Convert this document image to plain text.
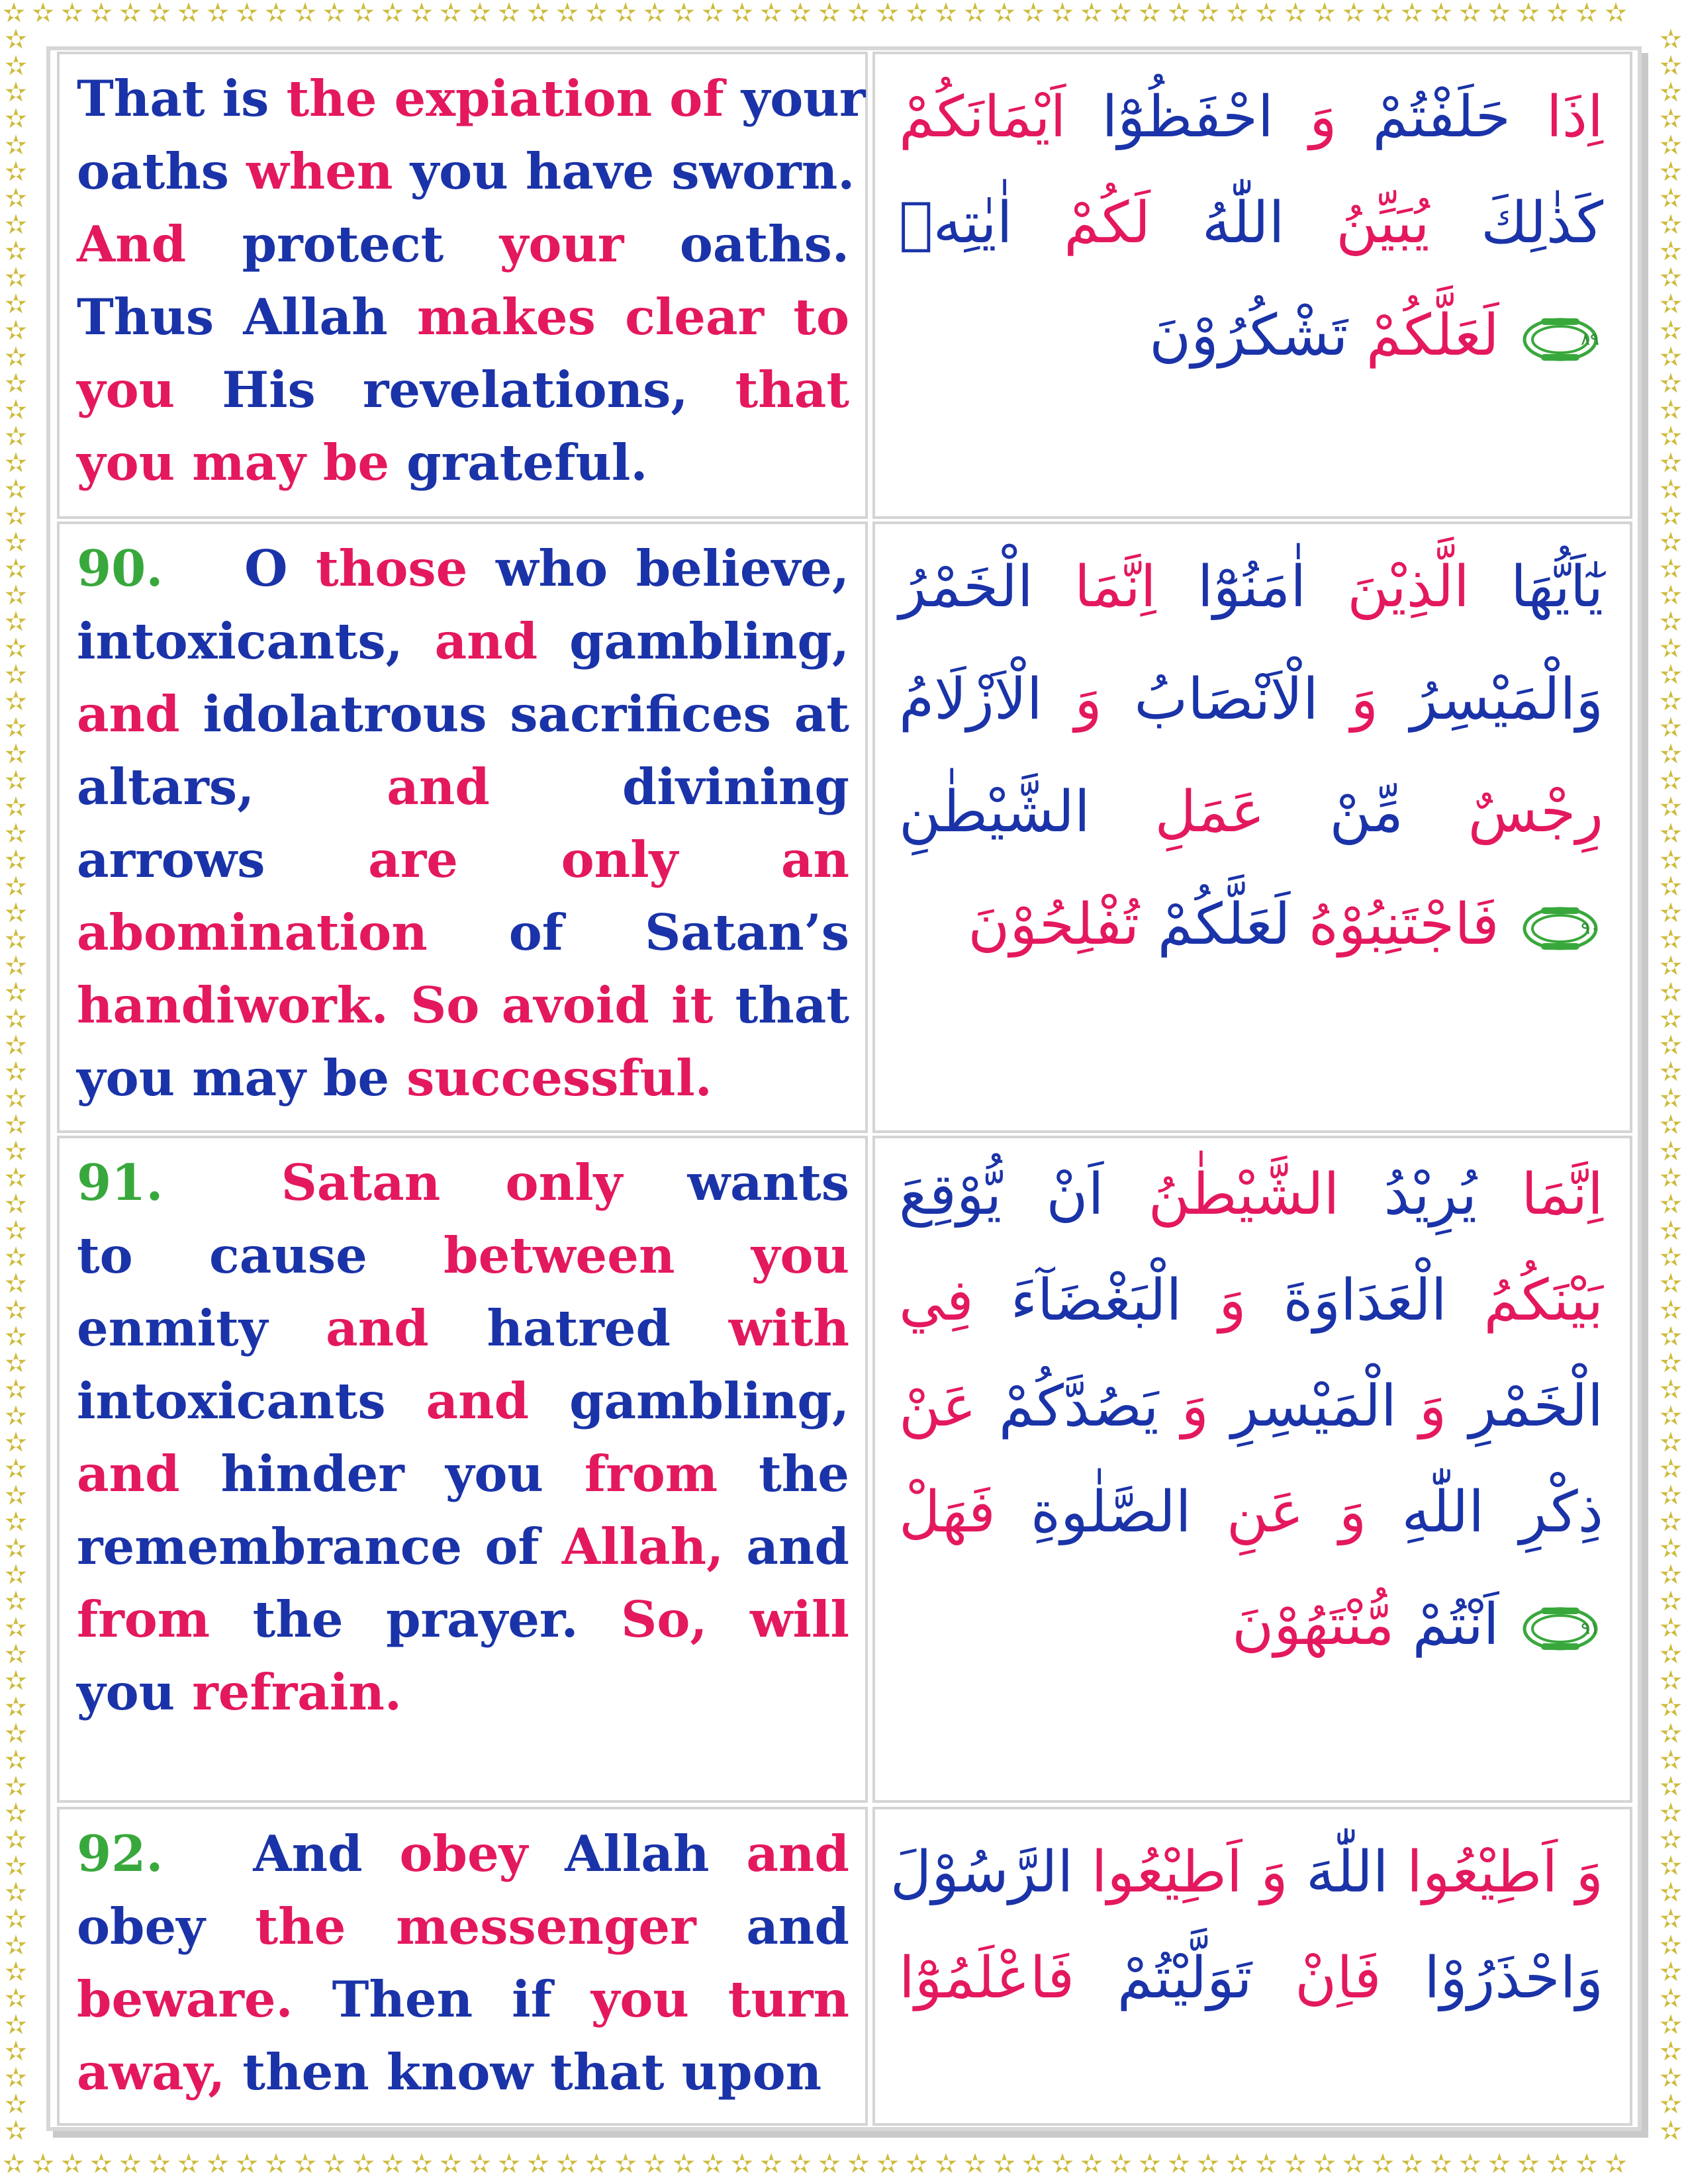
✫ ✫ ✫ ✫ ✫ ✫ ✫ ✫ ✫ ✫ ✫ ✫ ✫ ✫ ✫ ✫ ✫ ✫ ✫ ✫ ✫ ✫ ✫ ✫ ✫ ✫ ✫ ✫ ✫ ✫ ✫ ✫ ✫ ✫ ✫ ✫ ✫ ✫ ✫ ✫ ✫ ✫ ✫ ✫ ✫ ✫ ✫ ✫ ✫ ✫ ✫ ✫ ✫ ✫ ✫ ✫
✫ ✫ ✫ ✫ ✫ ✫ ✫ ✫ ✫ ✫ ✫ ✫ ✫ ✫ ✫ ✫ ✫ ✫ ✫ ✫ ✫ ✫ ✫ ✫ ✫ ✫ ✫ ✫ ✫ ✫ ✫ ✫ ✫ ✫ ✫ ✫ ✫ ✫ ✫ ✫ ✫ ✫ ✫ ✫ ✫ ✫ ✫ ✫ ✫ ✫ ✫ ✫ ✫ ✫ ✫ ✫
✫✫✫✫✫✫✫✫✫✫✫✫✫✫✫✫✫✫✫✫✫✫✫✫✫✫✫✫✫✫✫✫✫✫✫✫✫✫✫✫✫✫✫✫✫✫✫✫✫✫✫✫✫✫✫✫✫✫✫✫✫✫✫✫✫✫✫✫✫✫✫✫✫✫✫✫✫✫✫✫
✫✫✫✫✫✫✫✫✫✫✫✫✫✫✫✫✫✫✫✫✫✫✫✫✫✫✫✫✫✫✫✫✫✫✫✫✫✫✫✫✫✫✫✫✫✫✫✫✫✫✫✫✫✫✫✫✫✫✫✫✫✫✫✫✫✫✫✫✫✫✫✫✫✫✫✫✫✫✫✫
That is the expiation of your
oaths when you have sworn.
And protect your oaths.
Thus Allah makes clear to
you His revelations, that
you may be grateful.
اِذَا حَلَفْتُمْ وَ احْفَظُوْٓا اَيْمَانَكُمْ
كَذٰلِكَ يُبَيِّنُ اللّٰهُ لَكُمْ اٰيٰتِهٖ
٨٩
لَعَلَّكُمْ تَشْكُرُوْنَ
90. O those who believe,
intoxicants, and gambling,
and idolatrous sacrifices at
altars, and divining
arrows are only an
abomination of Satan’s
handiwork. So avoid it that
you may be successful.
يٰٓاَيُّهَا الَّذِيْنَ اٰمَنُوْٓا اِنَّمَا الْخَمْرُ
وَالْمَيْسِرُ وَ الْاَنْصَابُ وَ الْاَزْلَامُ
رِجْسٌ مِّنْ عَمَلِ الشَّيْطٰنِ
٩٠
فَاجْتَنِبُوْهُ لَعَلَّكُمْ تُفْلِحُوْنَ
91. Satan only wants
to cause between you
enmity and hatred with
intoxicants and gambling,
and hinder you from the
remembrance of Allah, and
from the prayer. So, will
you refrain.
اِنَّمَا يُرِيْدُ الشَّيْطٰنُ اَنْ يُّوْقِعَ
بَيْنَكُمُ الْعَدَاوَةَ وَ الْبَغْضَآءَ فِي
الْخَمْرِ وَ الْمَيْسِرِ وَ يَصُدَّكُمْ عَنْ
ذِكْرِ اللّٰهِ وَ عَنِ الصَّلٰوةِ فَهَلْ
٩١
اَنْتُمْ مُّنْتَهُوْنَ
92. And obey Allah and
obey the messenger and
beware. Then if you turn
away, then know that upon
وَ اَطِيْعُوا اللّٰهَ وَ اَطِيْعُوا الرَّسُوْلَ
وَاحْذَرُوْا فَاِنْ تَوَلَّيْتُمْ فَاعْلَمُوْٓا
